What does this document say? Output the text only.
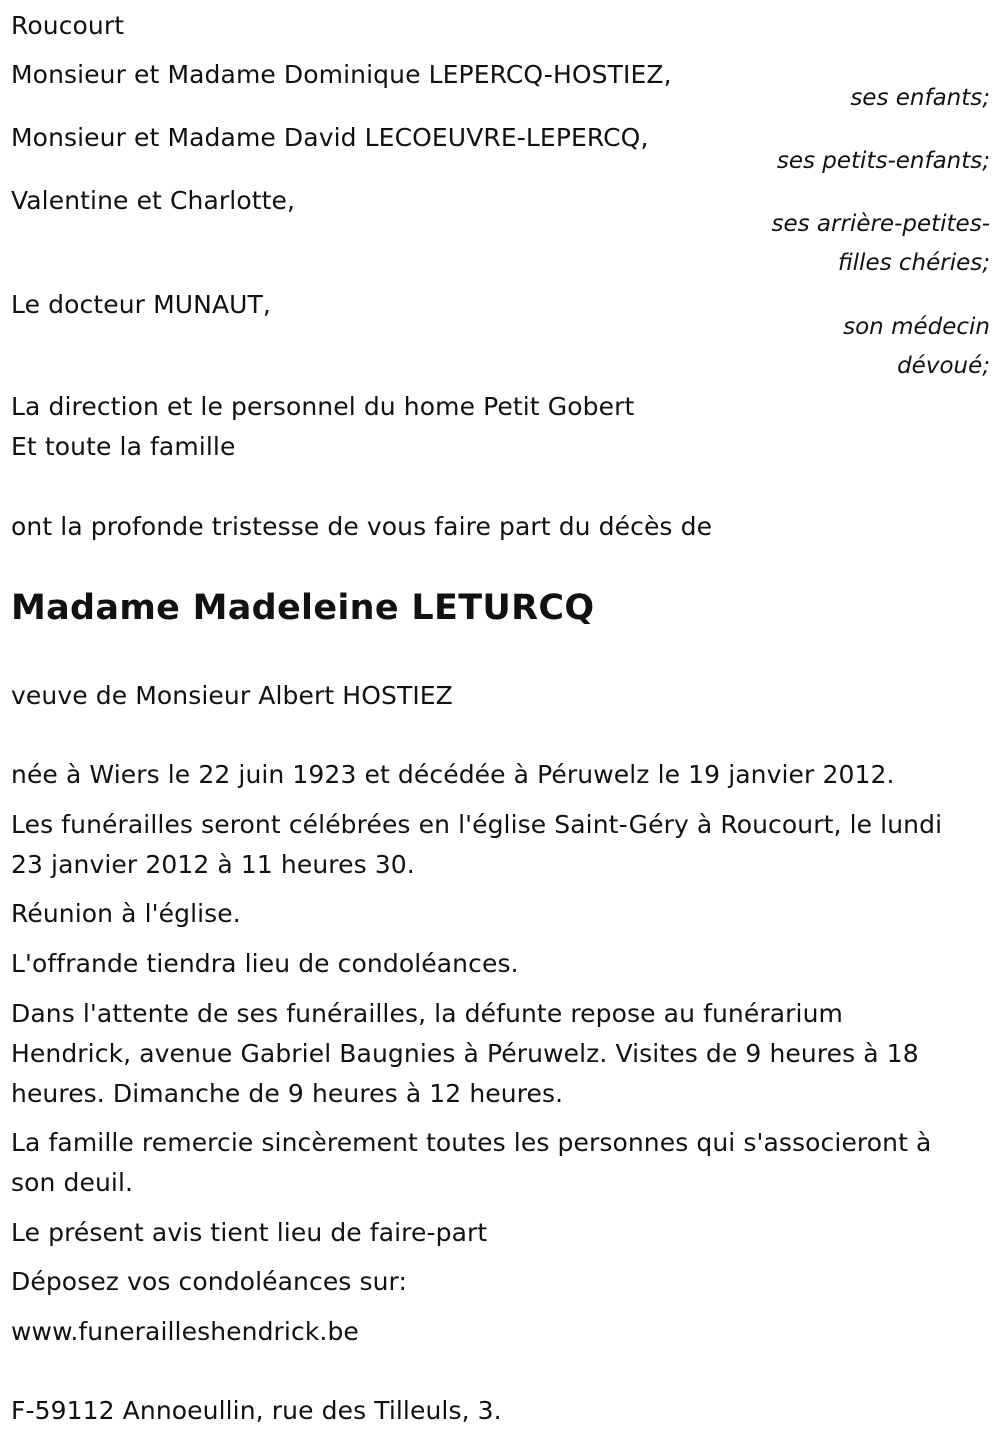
Roucourt
Monsieur et Madame Dominique LEPERCQ-HOSTIEZ,
ses enfants;
Monsieur et Madame David LECOEUVRE-LEPERCQ,
ses petits-enfants;
Valentine et Charlotte,
ses arrière-petites-
filles chéries;
Le docteur MUNAUT,
son médecin
dévoué;
La direction et le personnel du home Petit Gobert
Et toute la famille
ont la profonde tristesse de vous faire part du décès de
Madame Madeleine LETURCQ
veuve de Monsieur Albert HOSTIEZ
née à Wiers le 22 juin 1923 et décédée à Péruwelz le 19 janvier 2012.
Les funérailles seront célébrées en l'église Saint-Géry à Roucourt, le lundi
23 janvier 2012 à 11 heures 30.
Réunion à l'église.
L'offrande tiendra lieu de condoléances.
Dans l'attente de ses funérailles, la défunte repose au funérarium
Hendrick, avenue Gabriel Baugnies à Péruwelz. Visites de 9 heures à 18
heures. Dimanche de 9 heures à 12 heures.
La famille remercie sincèrement toutes les personnes qui s'associeront à
son deuil.
Le présent avis tient lieu de faire-part
Déposez vos condoléances sur:
www.funerailleshendrick.be
F-59112 Annoeullin, rue des Tilleuls, 3.
